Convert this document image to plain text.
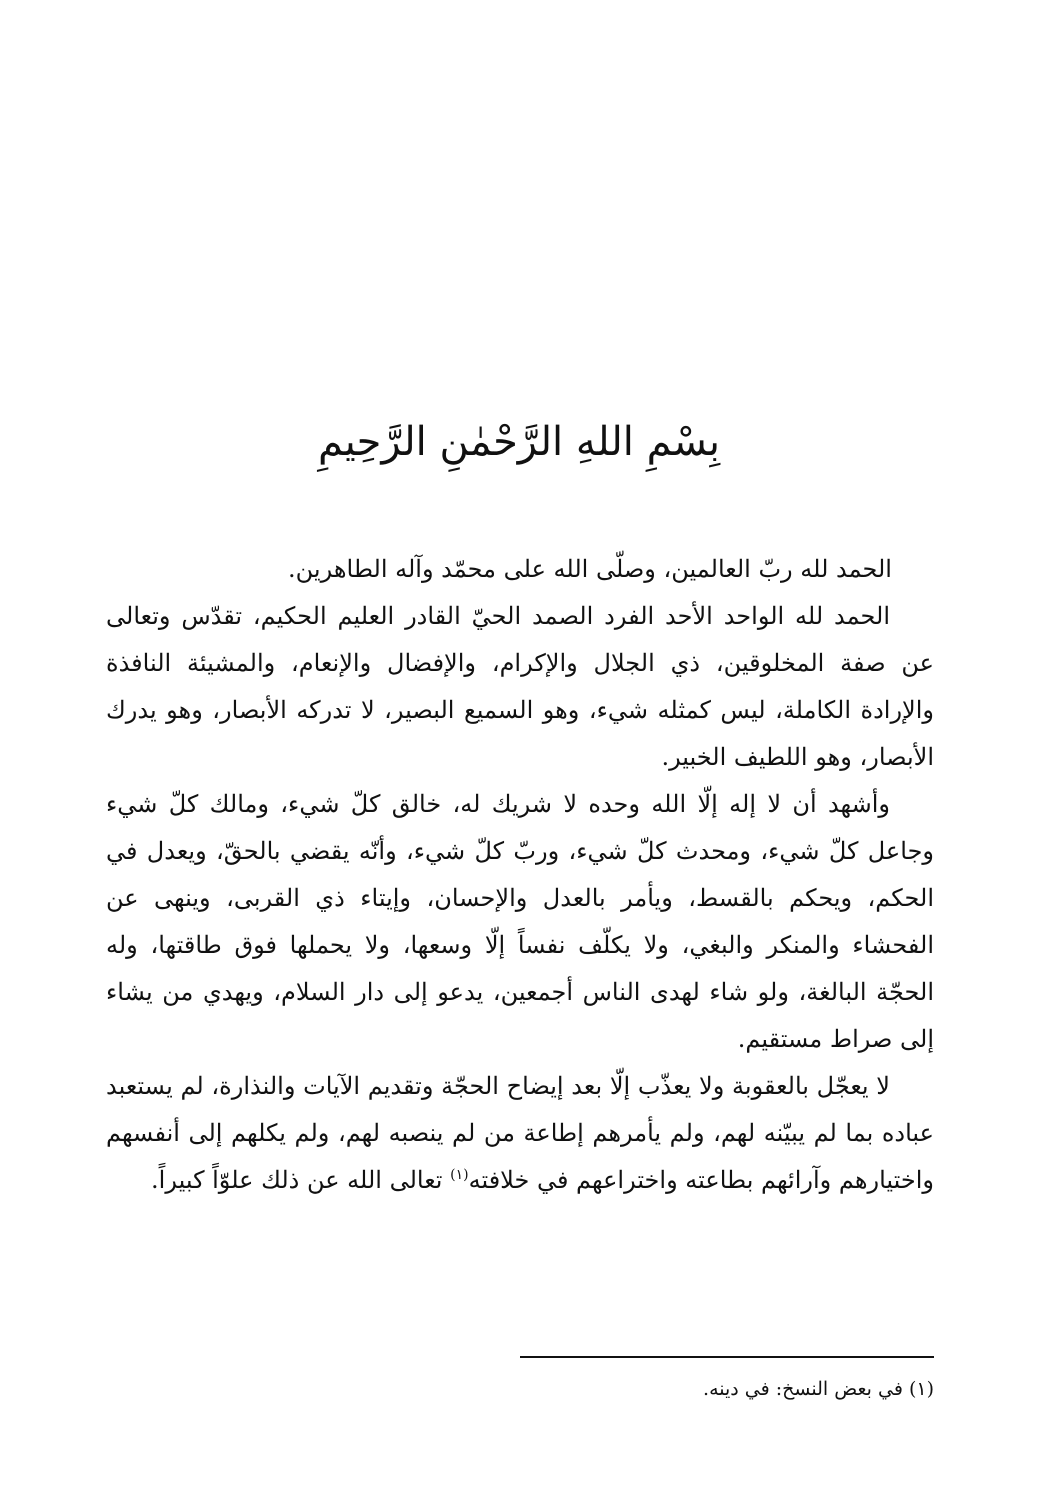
بِسْمِ اللهِ الرَّحْمٰنِ الرَّحِيمِ

الحمد لله ربّ العالمين، وصلّى الله على محمّد وآله الطاهرين.

الحمد لله الواحد الأحد الفرد الصمد الحيّ القادر العليم الحكيم، تقدّس وتعالى عن صفة المخلوقين، ذي الجلال والإكرام، والإفضال والإنعام، والمشيئة النافذة والإرادة الكاملة، ليس كمثله شيء، وهو السميع البصير، لا تدركه الأبصار، وهو يدرك الأبصار، وهو اللطيف الخبير.

وأشهد أن لا إله إلّا الله وحده لا شريك له، خالق كلّ شيء، ومالك كلّ شيء وجاعل كلّ شيء، ومحدث كلّ شيء، وربّ كلّ شيء، وأنّه يقضي بالحقّ، ويعدل في الحكم، ويحكم بالقسط، ويأمر بالعدل والإحسان، وإيتاء ذي القربى، وينهى عن الفحشاء والمنكر والبغي، ولا يكلّف نفساً إلّا وسعها، ولا يحملها فوق طاقتها، وله الحجّة البالغة، ولو شاء لهدى الناس أجمعين، يدعو إلى دار السلام، ويهدي من يشاء إلى صراط مستقيم.

لا يعجّل بالعقوبة ولا يعذّب إلّا بعد إيضاح الحجّة وتقديم الآيات والنذارة، لم يستعبد عباده بما لم يبيّنه لهم، ولم يأمرهم إطاعة من لم ينصبه لهم، ولم يكلهم إلى أنفسهم واختيارهم وآرائهم بطاعته واختراعهم في خلافته$^{(١)}$ تعالى الله عن ذلك علوّاً كبيراً.

(١) في بعض النسخ: في دينه.
